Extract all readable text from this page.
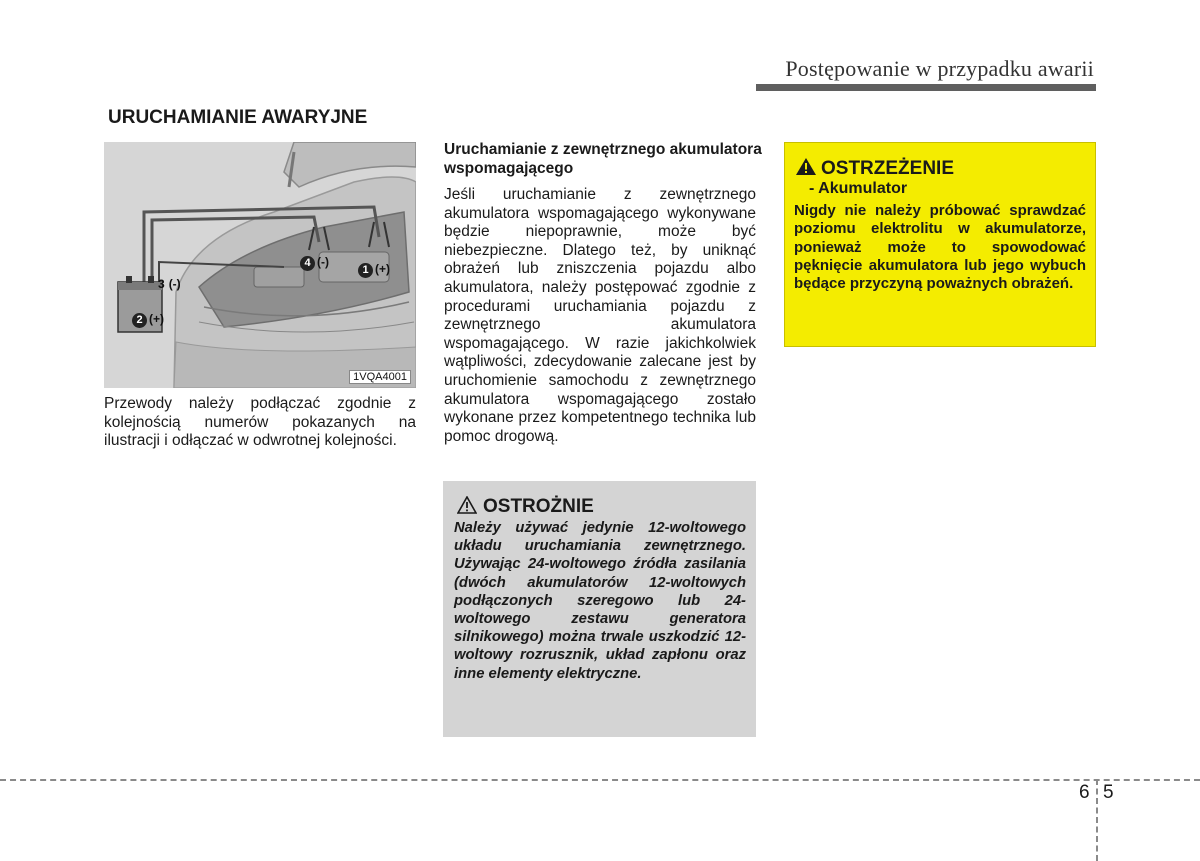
Postępowanie w przypadku awarii
URUCHAMIANIE AWARYJNE
1 (+)
2 (+)
3 (-)
4 (-)
1VQA4001
Przewody należy podłączać zgodnie z kolejnością numerów pokazanych na ilustracji i odłączać w odwrotnej kolejności.
Uruchamianie z zewnętrznego akumulatora wspomagającego
Jeśli uruchamianie z zewnętrznego akumulatora wspomagającego wykonywane będzie niepoprawnie, może być niebezpieczne. Dlatego też, by uniknąć obrażeń lub zniszczenia pojazdu albo akumulatora, należy postępować zgodnie z procedurami uruchamiania pojazdu z zewnętrznego akumulatora wspomagającego. W razie jakichkolwiek wątpliwości, zdecydowanie zalecane jest by uruchomienie samochodu z zewnętrznego akumulatora wspomagającego zostało wykonane przez kompetentnego technika lub pomoc drogową.
OSTROŻNIE
Należy używać jedynie 12-woltowego układu uruchamiania zewnętrznego. Używając 24-woltowego źródła zasilania (dwóch akumulatorów 12-woltowych podłączonych szeregowo lub 24-woltowego zestawu generatora silnikowego) można trwale uszkodzić 12-woltowy rozrusznik, układ zapłonu oraz inne elementy elektryczne.
OSTRZEŻENIE
- Akumulator
Nigdy nie należy próbować sprawdzać poziomu elektrolitu w akumulatorze, ponieważ może to spowodować pęknięcie akumulatora lub jego wybuch będące przyczyną poważnych obrażeń.
6 5
